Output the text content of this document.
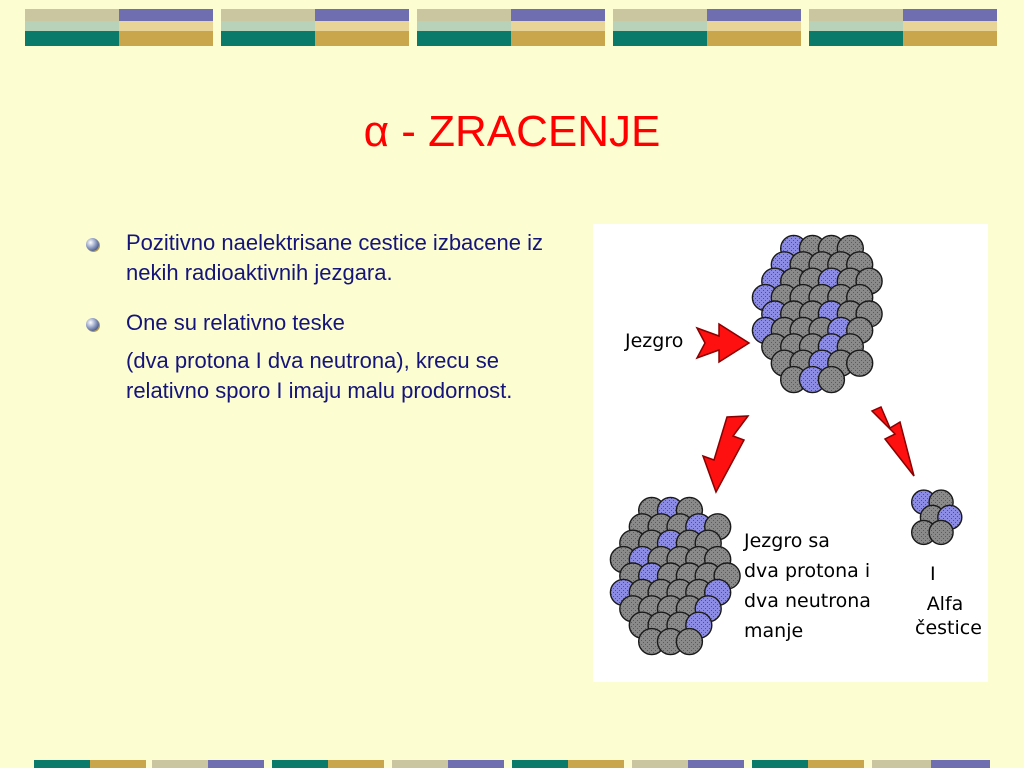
α - ZRACENJE

Pozitivno naelektrisane cestice izbacene iz nekih radioaktivnih jezgara.

One su relativno teske

(dva protona I dva neutrona), krecu se relativno sporo I imaju malu prodornost.

Jezgro
Jezgro sa
dva protona i
dva neutrona
manje
I
Alfa
čestice
